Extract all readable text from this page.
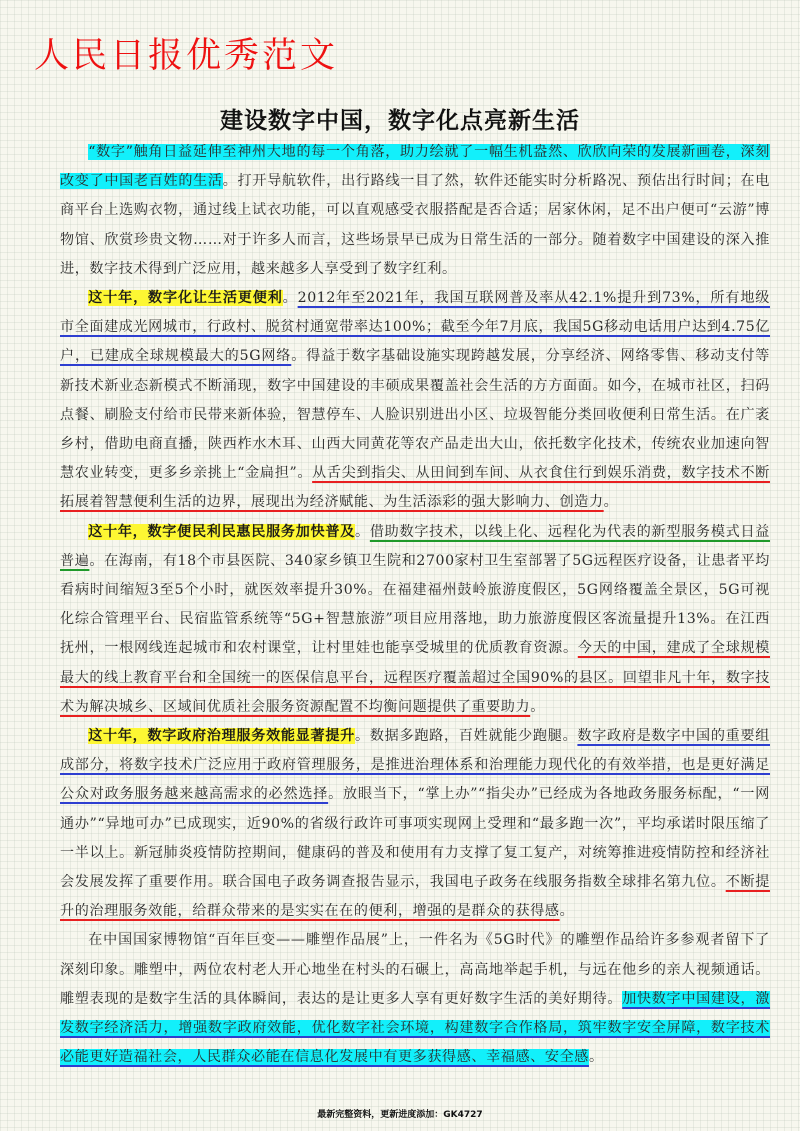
人民日报优秀范文
建设数字中国，数字化点亮新生活

“数字”触角日益延伸至神州大地的每一个角落，助力绘就了一幅生机盎然、欣欣向荣的发展新画卷，深刻改变了中国老百姓的生活。打开导航软件，出行路线一目了然，软件还能实时分析路况、预估出行时间；在电商平台上选购衣物，通过线上试衣功能，可以直观感受衣服搭配是否合适；居家休闲，足不出户便可“云游”博物馆、欣赏珍贵文物……对于许多人而言，这些场景早已成为日常生活的一部分。随着数字中国建设的深入推进，数字技术得到广泛应用，越来越多人享受到了数字红利。

这十年，数字化让生活更便利。2012年至2021年，我国互联网普及率从42.1%提升到73%，所有地级市全面建成光网城市，行政村、脱贫村通宽带率达100%；截至今年7月底，我国5G移动电话用户达到4.75亿户，已建成全球规模最大的5G网络。得益于数字基础设施实现跨越发展，分享经济、网络零售、移动支付等新技术新业态新模式不断涌现，数字中国建设的丰硕成果覆盖社会生活的方方面面。如今，在城市社区，扫码点餐、刷脸支付给市民带来新体验，智慧停车、人脸识别进出小区、垃圾智能分类回收便利日常生活。在广袤乡村，借助电商直播，陕西柞水木耳、山西大同黄花等农产品走出大山，依托数字化技术，传统农业加速向智慧农业转变，更多乡亲挑上“金扁担”。从舌尖到指尖、从田间到车间、从衣食住行到娱乐消费，数字技术不断拓展着智慧便利生活的边界，展现出为经济赋能、为生活添彩的强大影响力、创造力。

这十年，数字便民利民惠民服务加快普及。借助数字技术，以线上化、远程化为代表的新型服务模式日益普遍。在海南，有18个市县医院、340家乡镇卫生院和2700家村卫生室部署了5G远程医疗设备，让患者平均看病时间缩短3至5个小时，就医效率提升30%。在福建福州鼓岭旅游度假区，5G网络覆盖全景区，5G可视化综合管理平台、民宿监管系统等“5G+智慧旅游”项目应用落地，助力旅游度假区客流量提升13%。在江西抚州，一根网线连起城市和农村课堂，让村里娃也能享受城里的优质教育资源。今天的中国，建成了全球规模最大的线上教育平台和全国统一的医保信息平台，远程医疗覆盖超过全国90%的县区。回望非凡十年，数字技术为解决城乡、区域间优质社会服务资源配置不均衡问题提供了重要助力。

这十年，数字政府治理服务效能显著提升。数据多跑路，百姓就能少跑腿。数字政府是数字中国的重要组成部分，将数字技术广泛应用于政府管理服务，是推进治理体系和治理能力现代化的有效举措，也是更好满足公众对政务服务越来越高需求的必然选择。放眼当下，“掌上办”“指尖办”已经成为各地政务服务标配，“一网通办”“异地可办”已成现实，近90%的省级行政许可事项实现网上受理和“最多跑一次”，平均承诺时限压缩了一半以上。新冠肺炎疫情防控期间，健康码的普及和使用有力支撑了复工复产，对统筹推进疫情防控和经济社会发展发挥了重要作用。联合国电子政务调查报告显示，我国电子政务在线服务指数全球排名第九位。不断提升的治理服务效能，给群众带来的是实实在在的便利，增强的是群众的获得感。

在中国国家博物馆“百年巨变——雕塑作品展”上，一件名为《5G时代》的雕塑作品给许多参观者留下了深刻印象。雕塑中，两位农村老人开心地坐在村头的石碾上，高高地举起手机，与远在他乡的亲人视频通话。雕塑表现的是数字生活的具体瞬间，表达的是让更多人享有更好数字生活的美好期待。加快数字中国建设，激发数字经济活力，增强数字政府效能，优化数字社会环境，构建数字合作格局，筑牢数字安全屏障，数字技术必能更好造福社会，人民群众必能在信息化发展中有更多获得感、幸福感、安全感。

最新完整资料，更新进度添加：GK4727
